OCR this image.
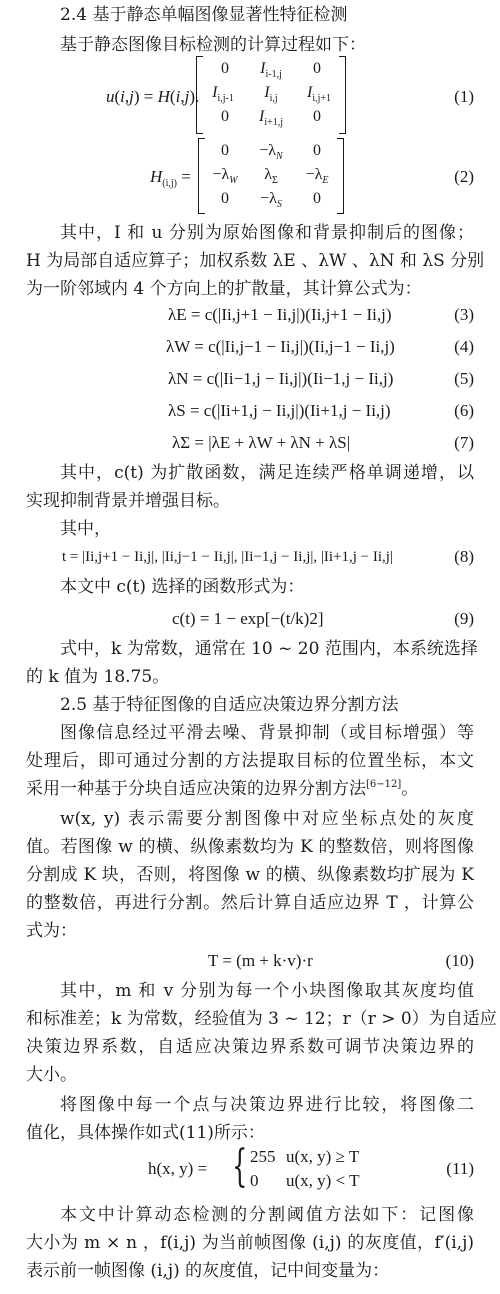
2.4 基于静态单幅图像显著性特征检测
基于静态图像目标检测的计算过程如下：
u(i,j) = H(i,j).
0	$I_{i-1,j}$	0
$I_{i,j-1}$	$I_{i,j}$	$I_{i,j+1}$
0	$I_{i+1,j}$	0
(1)
$H_{(i,j)}$ =
0	$-\lambda_N$	0
$-\lambda_W$	$\lambda_\Sigma$	$-\lambda_E$
0	$-\lambda_S$	0
(2)
其中，I 和 u 分别为原始图像和背景抑制后的图像；
H 为局部自适应算子；加权系数 λE 、λW 、λN 和 λS 分别
为一阶邻域内 4 个方向上的扩散量，其计算公式为：
λE = c(|Ii,j+1 − Ii,j|)(Ii,j+1 − Ii,j)	(3)
λW = c(|Ii,j−1 − Ii,j|)(Ii,j−1 − Ii,j)	(4)
λN = c(|Ii−1,j − Ii,j|)(Ii−1,j − Ii,j)	(5)
λS = c(|Ii+1,j − Ii,j|)(Ii+1,j − Ii,j)	(6)
λΣ = |λE + λW + λN + λS|	(7)
其中，c(t) 为扩散函数，满足连续严格单调递增，以
实现抑制背景并增强目标。
其中，
t = |Ii,j+1 − Ii,j|, |Ii,j−1 − Ii,j|, |Ii−1,j − Ii,j|, |Ii+1,j − Ii,j|	(8)
本文中 c(t) 选择的函数形式为：
c(t) = 1 − exp[−(t/k)2]	(9)
式中，k 为常数，通常在 10 ~ 20 范围内，本系统选择
的 k 值为 18.75。
2.5 基于特征图像的自适应决策边界分割方法
图像信息经过平滑去噪、背景抑制（或目标增强）等
处理后，即可通过分割的方法提取目标的位置坐标，本文
采用一种基于分块自适应决策的边界分割方法[6−12]。
w(x, y) 表示需要分割图像中对应坐标点处的灰度
值。若图像 w 的横、纵像素数均为 K 的整数倍，则将图像
分割成 K 块，否则，将图像 w 的横、纵像素数均扩展为 K
的整数倍，再进行分割。然后计算自适应边界 T ，计算公
式为：
T = (m + k·v)·r	(10)
其中，m 和 v 分别为每一个小块图像取其灰度均值
和标准差；k 为常数，经验值为 3 ~ 12；r（r > 0）为自适应
决策边界系数，自适应决策边界系数可调节决策边界的
大小。
将图像中每一个点与决策边界进行比较，将图像二
值化，具体操作如式(11)所示：
h(x, y) = { 255 u(x, y) ≥ T
0 u(x, y) < T
(11)
本文中计算动态检测的分割阈值方法如下：记图像
大小为 m × n ，f(i,j) 为当前帧图像 (i,j) 的灰度值，f′(i,j)
表示前一帧图像 (i,j) 的灰度值，记中间变量为：
